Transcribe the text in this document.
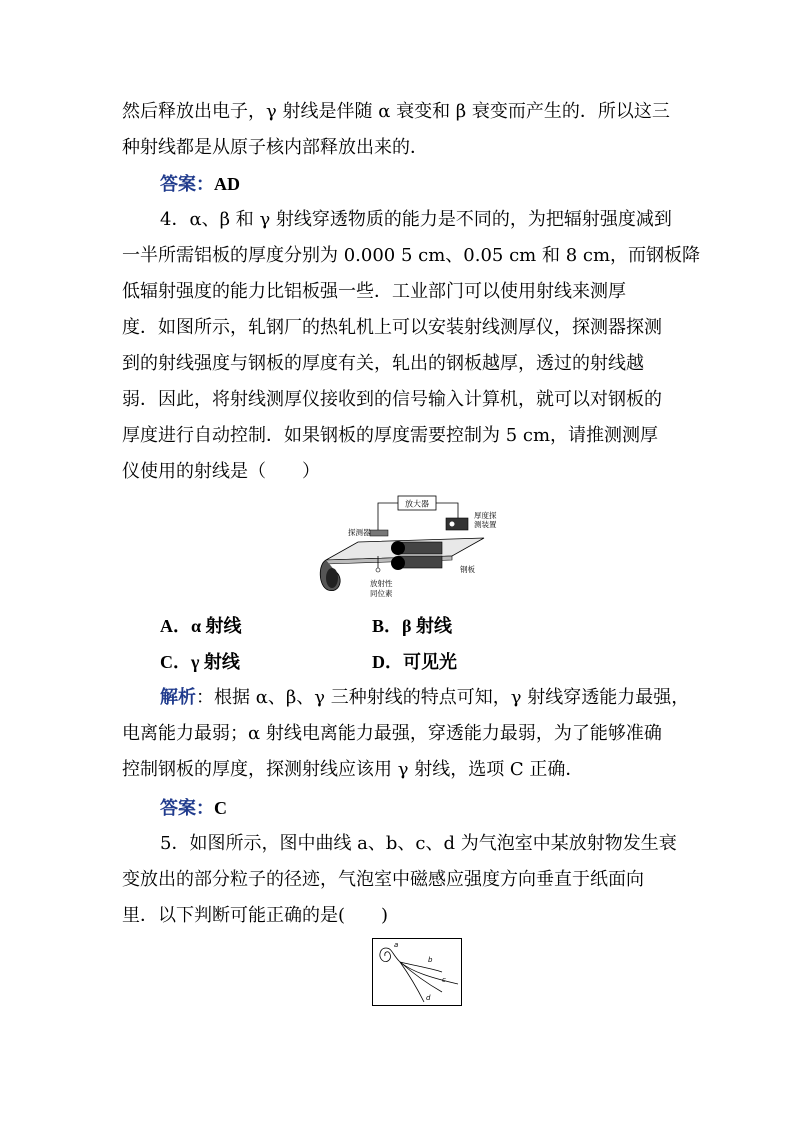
然后释放出电子，γ 射线是伴随 α 衰变和 β 衰变而产生的．所以这三
种射线都是从原子核内部释放出来的．
答案：AD
4．α、β 和 γ 射线穿透物质的能力是不同的，为把辐射强度减到
一半所需铝板的厚度分别为 0.000 5 cm、0.05 cm 和 8 cm，而钢板降
低辐射强度的能力比铝板强一些．工业部门可以使用射线来测厚
度．如图所示，轧钢厂的热轧机上可以安装射线测厚仪，探测器探测
到的射线强度与钢板的厚度有关，轧出的钢板越厚，透过的射线越
弱．因此，将射线测厚仪接收到的信号输入计算机，就可以对钢板的
厚度进行自动控制．如果钢板的厚度需要控制为 5 cm，请推测测厚
仪使用的射线是（　　）
放大器
厚度探
测装置
探测器
放射性
同位素
钢板
A．α 射线	B．β 射线
C．γ 射线	D．可见光
解析：根据 α、β、γ 三种射线的特点可知，γ 射线穿透能力最强，
电离能力最弱；α 射线电离能力最强，穿透能力最弱，为了能够准确
控制钢板的厚度，探测射线应该用 γ 射线，选项 C 正确．
答案：C
5．如图所示，图中曲线 a、b、c、d 为气泡室中某放射物发生衰
变放出的部分粒子的径迹，气泡室中磁感应强度方向垂直于纸面向
里．以下判断可能正确的是(　　)
a
b
c
d
